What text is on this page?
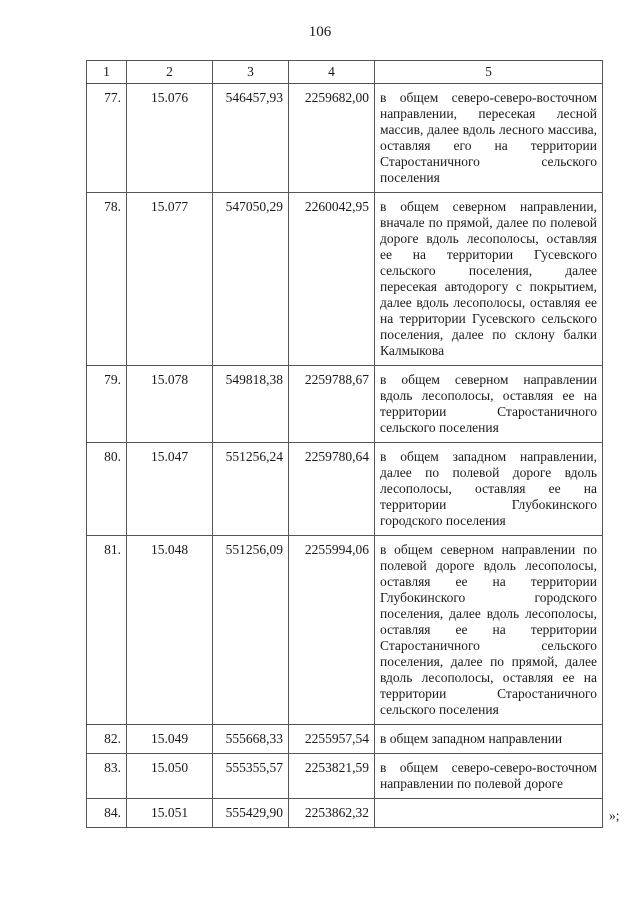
106
1	2	3	4	5
77.	15.076	546457,93	2259682,00	в общем северо-северо-восточном направлении, пересекая лесной массив, далее вдоль лесного массива, оставляя его на территории Старостаничного сельского поселения
78.	15.077	547050,29	2260042,95	в общем северном направлении, вначале по прямой, далее по полевой дороге вдоль лесополосы, оставляя ее на территории Гусевского сельского поселения, далее пересекая автодорогу с покрытием, далее вдоль лесополосы, оставляя ее на территории Гусевского сельского поселения, далее по склону балки Калмыкова
79.	15.078	549818,38	2259788,67	в общем северном направлении вдоль лесополосы, оставляя ее на территории Старостаничного сельского поселения
80.	15.047	551256,24	2259780,64	в общем западном направлении, далее по полевой дороге вдоль лесополосы, оставляя ее на территории Глубокинского городского поселения
81.	15.048	551256,09	2255994,06	в общем северном направлении по полевой дороге вдоль лесополосы, оставляя ее на территории Глубокинского городского поселения, далее вдоль лесополосы, оставляя ее на территории Старостаничного сельского поселения, далее по прямой, далее вдоль лесополосы, оставляя ее на территории Старостаничного сельского поселения
82.	15.049	555668,33	2255957,54	в общем западном направлении
83.	15.050	555355,57	2253821,59	в общем северо-северо-восточном направлении по полевой дороге
84.	15.051	555429,90	2253862,32		»;
